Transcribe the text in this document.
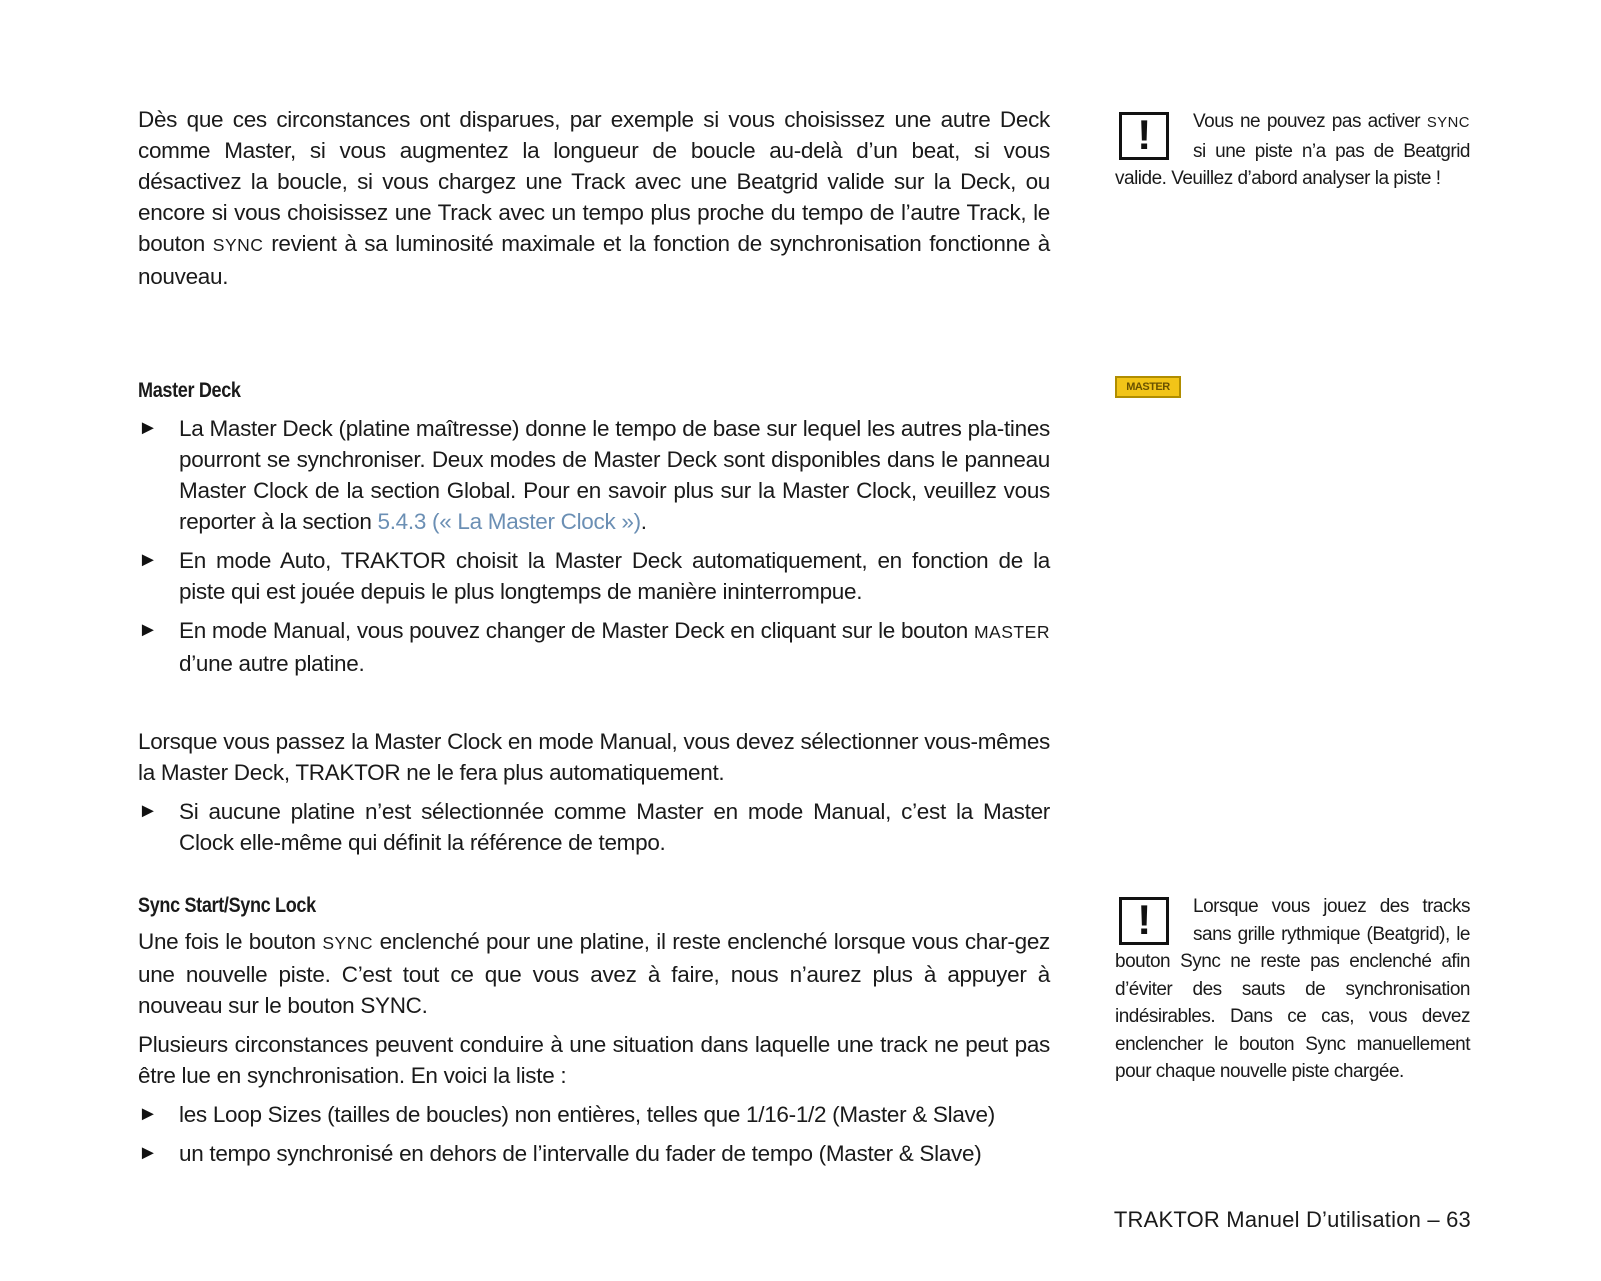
Dès que ces circonstances ont disparues, par exemple si vous choisissez une autre Deck comme Master, si vous augmentez la longueur de boucle au-delà d’un beat, si vous désactivez la boucle, si vous chargez une Track avec une Beatgrid valide sur la Deck, ou encore si vous choisissez une Track avec un tempo plus proche du tempo de l’autre Track, le bouton SYNC revient à sa luminosité maximale et la fonction de synchronisation fonctionne à nouveau.

Master Deck
► La Master Deck (platine maîtresse) donne le tempo de base sur lequel les autres pla-tines pourront se synchroniser. Deux modes de Master Deck sont disponibles dans le panneau Master Clock de la section Global. Pour en savoir plus sur la Master Clock, veuillez vous reporter à la section 5.4.3 (« La Master Clock »).
► En mode Auto, TRAKTOR choisit la Master Deck automatiquement, en fonction de la piste qui est jouée depuis le plus longtemps de manière ininterrompue.
► En mode Manual, vous pouvez changer de Master Deck en cliquant sur le bouton MASTER d’une autre platine.

Lorsque vous passez la Master Clock en mode Manual, vous devez sélectionner vous-mêmes la Master Deck, TRAKTOR ne le fera plus automatiquement.

► Si aucune platine n’est sélectionnée comme Master en mode Manual, c’est la Master Clock elle-même qui définit la référence de tempo.
Sync Start/Sync Lock

Une fois le bouton SYNC enclenché pour une platine, il reste enclenché lorsque vous char-gez une nouvelle piste. C’est tout ce que vous avez à faire, nous n’aurez plus à appuyer à nouveau sur le bouton SYNC.

Plusieurs circonstances peuvent conduire à une situation dans laquelle une track ne peut pas être lue en synchronisation. En voici la liste :

► les Loop Sizes (tailles de boucles) non entières, telles que 1/16-1/2 (Master & Slave)
► un tempo synchronisé en dehors de l’intervalle du fader de tempo (Master & Slave)
!	Vous ne pouvez pas activer SYNC si une piste n’a pas de Beatgrid valide. Veuillez d’abord analyser la piste !
MASTER
!	Lorsque vous jouez des tracks sans grille rythmique (Beatgrid), le bouton Sync ne reste pas enclenché afin d’éviter des sauts de synchronisation indésirables. Dans ce cas, vous devez enclencher le bouton Sync manuellement pour chaque nouvelle piste chargée.
TRAKTOR Manuel D’utilisation – 63
